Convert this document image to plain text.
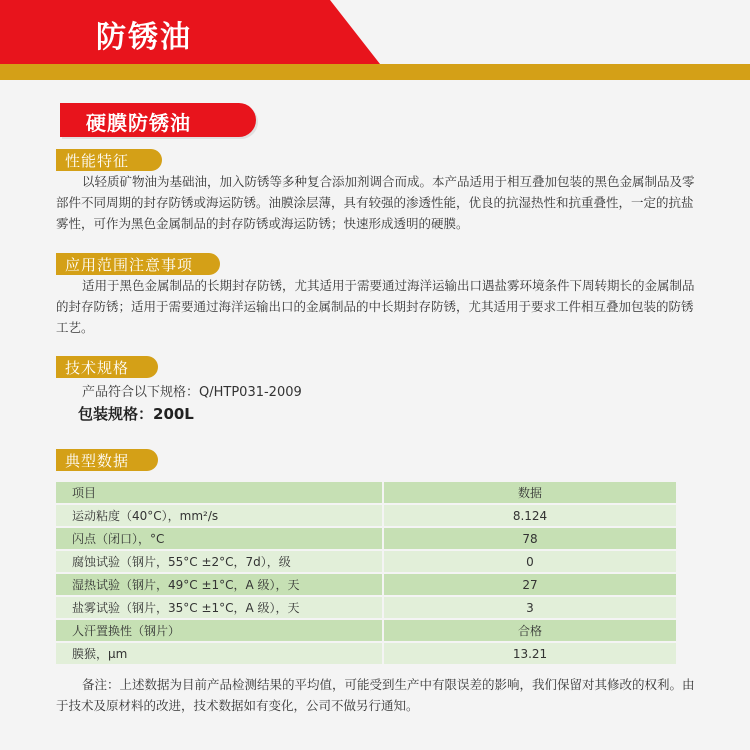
防锈油
硬膜防锈油
性能特征
以轻质矿物油为基础油，加入防锈等多种复合添加剂调合而成。本产品适用于相互叠加包装的黑色金属制品及零部件不同周期的封存防锈或海运防锈。油膜涂层薄，具有较强的渗透性能，优良的抗湿热性和抗重叠性，一定的抗盐雾性，可作为黑色金属制品的封存防锈或海运防锈；快速形成透明的硬膜。
应用范围注意事项
适用于黑色金属制品的长期封存防锈，尤其适用于需要通过海洋运输出口遇盐雾环境条件下周转期长的金属制品的封存防锈；适用于需要通过海洋运输出口的金属制品的中长期封存防锈，尤其适用于要求工件相互叠加包装的防锈工艺。
技术规格
产品符合以下规格：Q/HTP031-2009
包装规格：200L
典型数据
项目		数据
运动粘度（40°C），mm²/s		8.124
闪点（闭口），°C		78
腐蚀试验（钢片，55°C ±2°C，7d），级		0
湿热试验（钢片，49°C ±1°C，A 级），天		27
盐雾试验（钢片，35°C ±1°C，A 级），天		3
人汗置换性（钢片）		合格
膜猴，μm		13.21
备注：上述数据为目前产品检测结果的平均值，可能受到生产中有限误差的影响，我们保留对其修改的权利。由于技术及原材料的改进，技术数据如有变化，公司不做另行通知。
